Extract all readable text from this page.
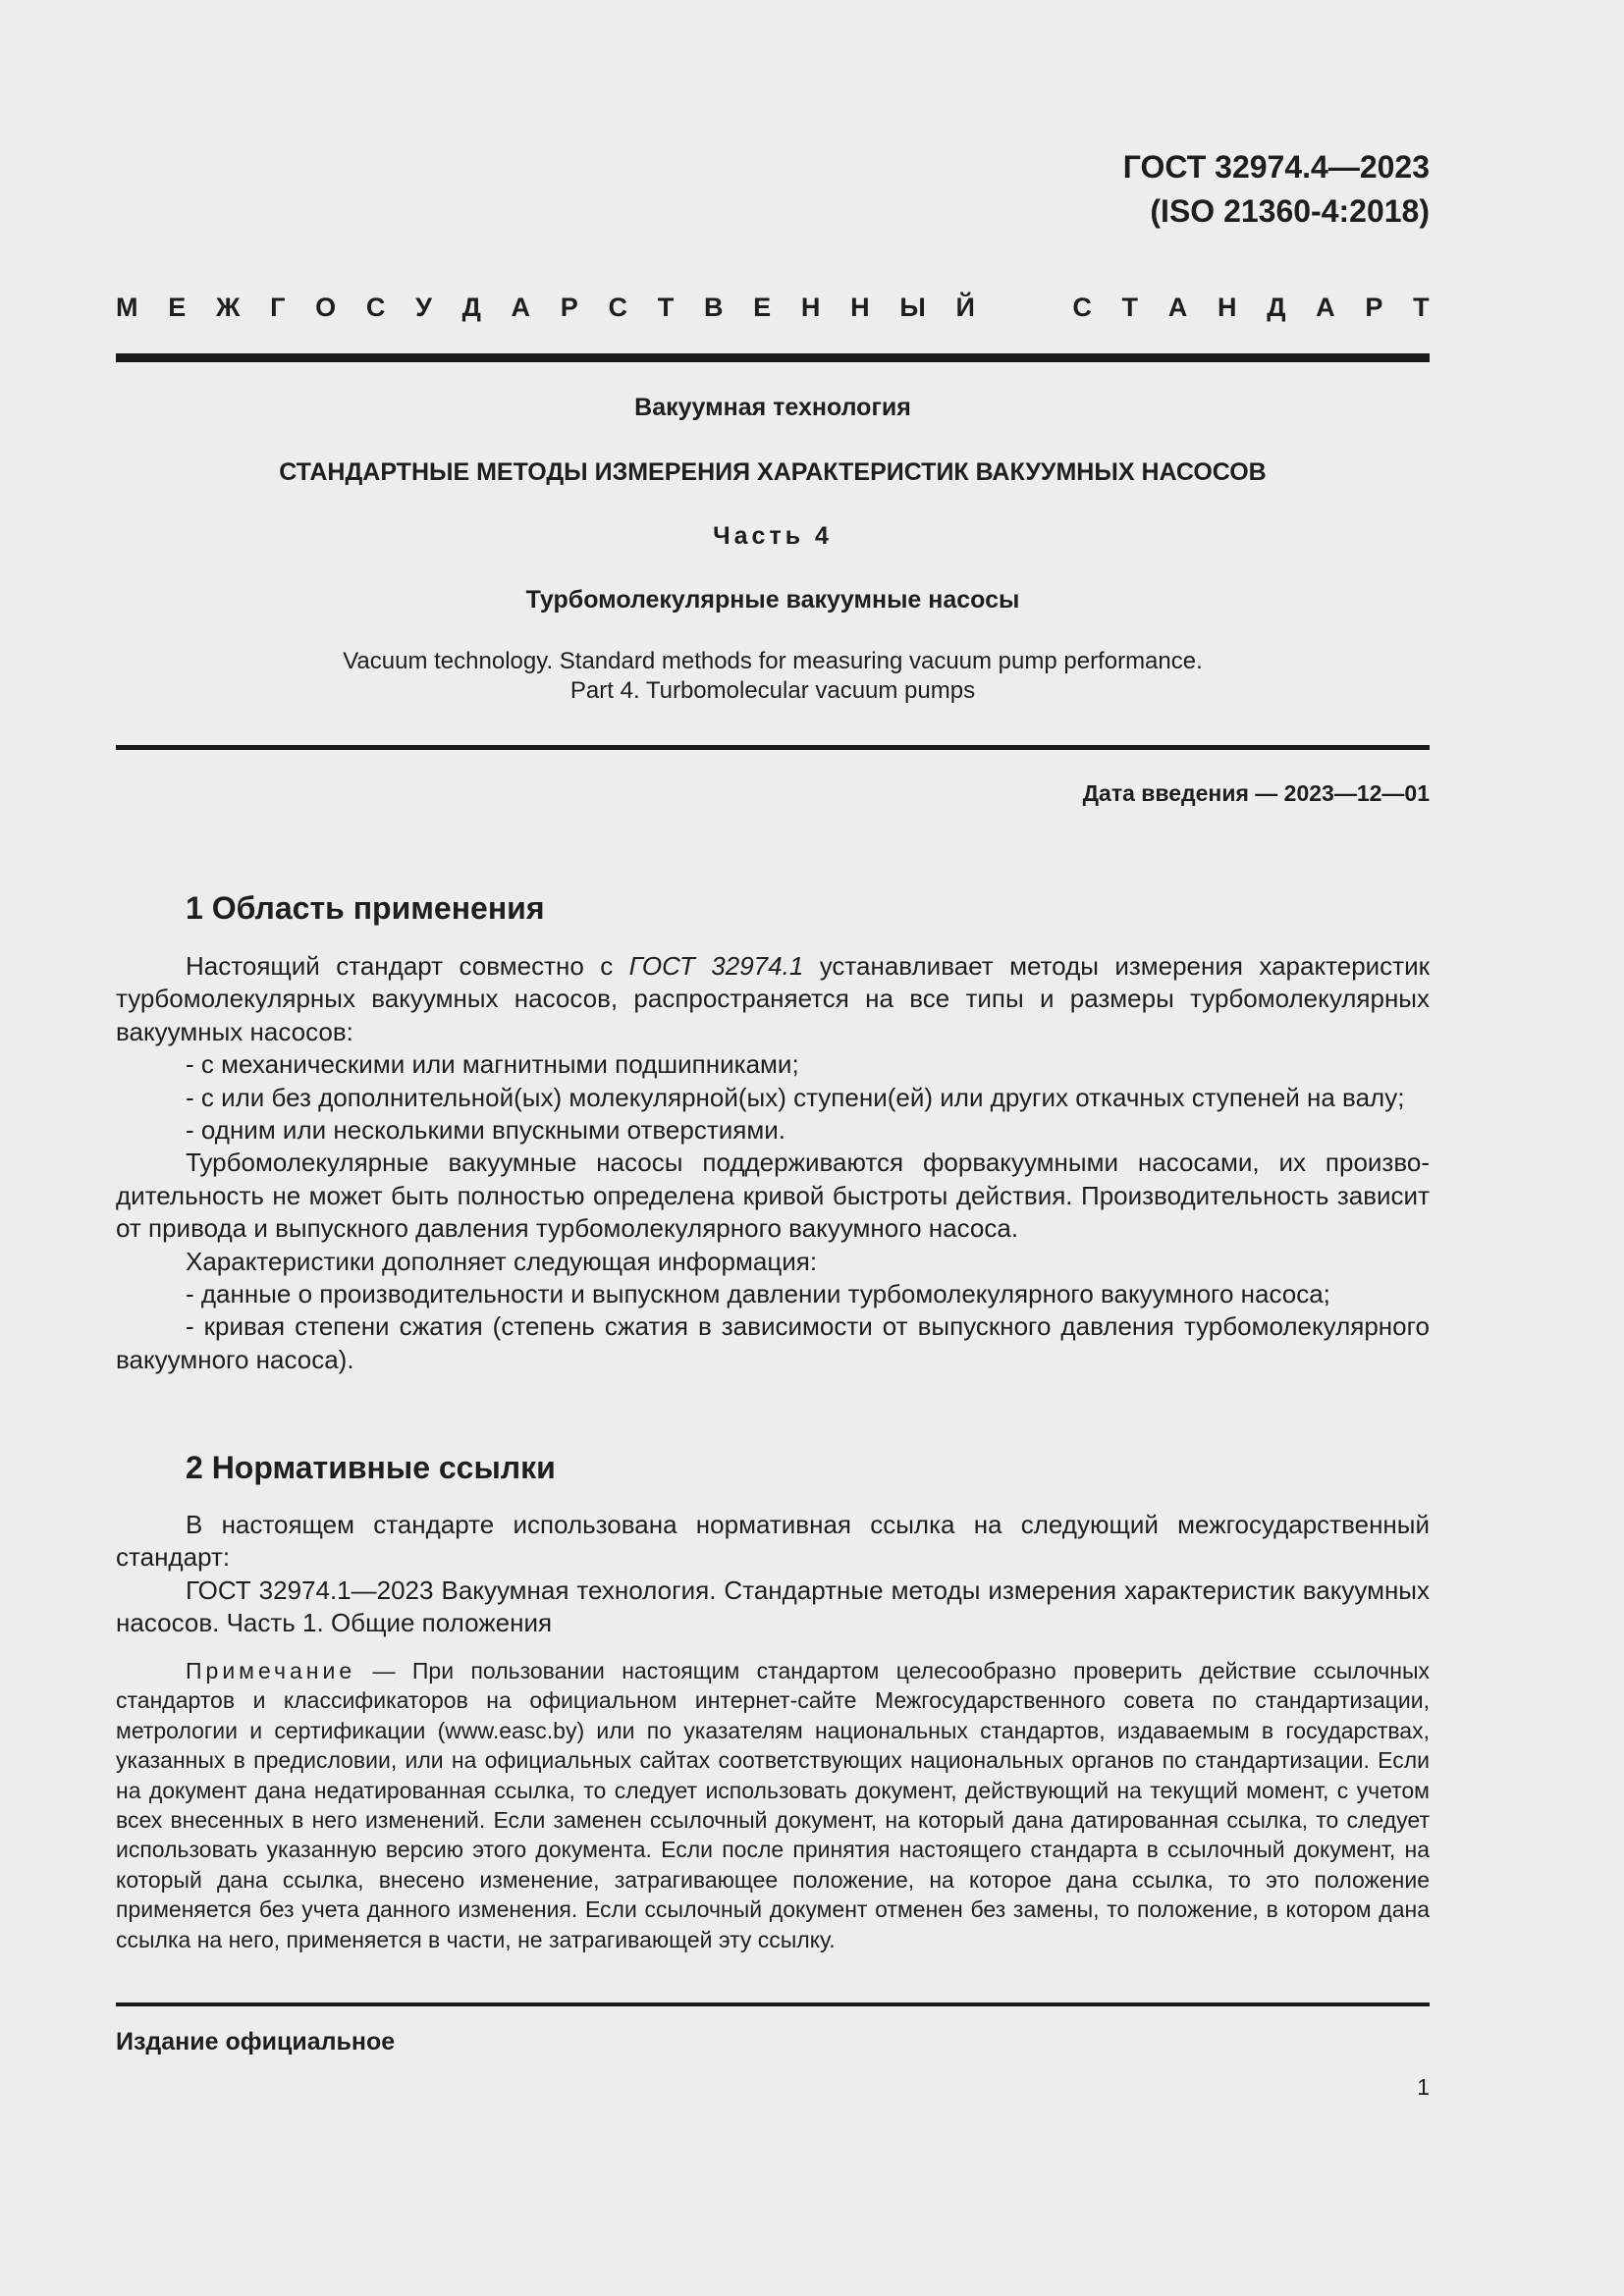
ГОСТ 32974.4—2023
(ISO 21360-4:2018)
М Е Ж Г О С У Д А Р С Т В Е Н Н Ы Й	С Т А Н Д А Р Т
Вакуумная технология
СТАНДАРТНЫЕ МЕТОДЫ ИЗМЕРЕНИЯ ХАРАКТЕРИСТИК ВАКУУМНЫХ НАСОСОВ
Часть 4
Турбомолекулярные вакуумные насосы
Vacuum technology. Standard methods for measuring vacuum pump performance.
Part 4. Turbomolecular vacuum pumps
Дата введения — 2023—12—01
1 Область применения

Настоящий стандарт совместно с ГОСТ 32974.1 устанавливает методы измерения характеристик турбомолекулярных вакуумных насосов, распространяется на все типы и размеры турбомолекулярных вакуумных насосов:

- с механическими или магнитными подшипниками;

- с или без дополнительной(ых) молекулярной(ых) ступени(ей) или других откачных ступеней на валу;

- одним или несколькими впускными отверстиями.

Турбомолекулярные вакуумные насосы поддерживаются форвакуумными насосами, их производительность не может быть полностью определена кривой быстроты действия. Производительность зависит от привода и выпускного давления турбомолекулярного вакуумного насоса.

Характеристики дополняет следующая информация:

- данные о производительности и выпускном давлении турбомолекулярного вакуумного насоса;

- кривая степени сжатия (степень сжатия в зависимости от выпускного давления турбомолекулярного вакуумного насоса).

2 Нормативные ссылки

В настоящем стандарте использована нормативная ссылка на следующий межгосударственный стандарт:

ГОСТ 32974.1—2023 Вакуумная технология. Стандартные методы измерения характеристик вакуумных насосов. Часть 1. Общие положения

Примечание — При пользовании настоящим стандартом целесообразно проверить действие ссылочных стандартов и классификаторов на официальном интернет-сайте Межгосударственного совета по стандартизации, метрологии и сертификации (www.easc.by) или по указателям национальных стандартов, издаваемым в государствах, указанных в предисловии, или на официальных сайтах соответствующих национальных органов по стандартизации. Если на документ дана недатированная ссылка, то следует использовать документ, действующий на текущий момент, с учетом всех внесенных в него изменений. Если заменен ссылочный документ, на который дана датированная ссылка, то следует использовать указанную версию этого документа. Если после принятия настоящего стандарта в ссылочный документ, на который дана ссылка, внесено изменение, затрагивающее положение, на которое дана ссылка, то это положение применяется без учета данного изменения. Если ссылочный документ отменен без замены, то положение, в котором дана ссылка на него, применяется в части, не затрагивающей эту ссылку.

Издание официальное
1
